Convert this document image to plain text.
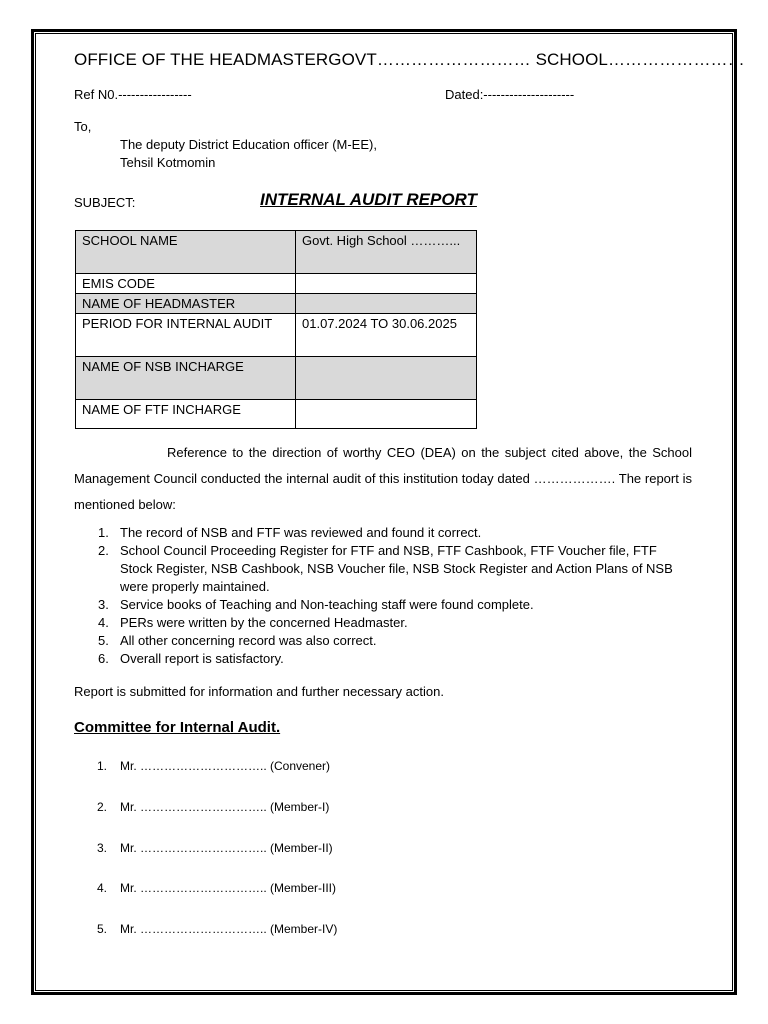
OFFICE OF THE HEADMASTERGOVT……………………… SCHOOL……………………
Ref N0.-----------------	Dated:---------------------
To,
The deputy District Education officer (M-EE),
Tehsil Kotmomin
SUBJECT:	INTERNAL AUDIT REPORT
SCHOOL NAME	Govt. High School ………...
EMIS CODE	
NAME OF HEADMASTER	
PERIOD FOR INTERNAL AUDIT	01.07.2024 TO 30.06.2025
NAME OF NSB INCHARGE	
NAME OF FTF INCHARGE	
Reference to the direction of worthy CEO (DEA) on the subject cited above, the School Management Council conducted the internal audit of this institution today dated ………………. The report is mentioned below:
1. The record of NSB and FTF was reviewed and found it correct.
2. School Council Proceeding Register for FTF and NSB, FTF Cashbook, FTF Voucher file, FTF Stock Register, NSB Cashbook, NSB Voucher file, NSB Stock Register and Action Plans of NSB were properly maintained.
3. Service books of Teaching and Non-teaching staff were found complete.
4. PERs were written by the concerned Headmaster.
5. All other concerning record was also correct.
6. Overall report is satisfactory.
Report is submitted for information and further necessary action.
Committee for Internal Audit.
1. Mr. ………………………….. (Convener)
2. Mr. ………………………….. (Member-I)
3. Mr. ………………………….. (Member-II)
4. Mr. ………………………….. (Member-III)
5. Mr. ………………………….. (Member-IV)
